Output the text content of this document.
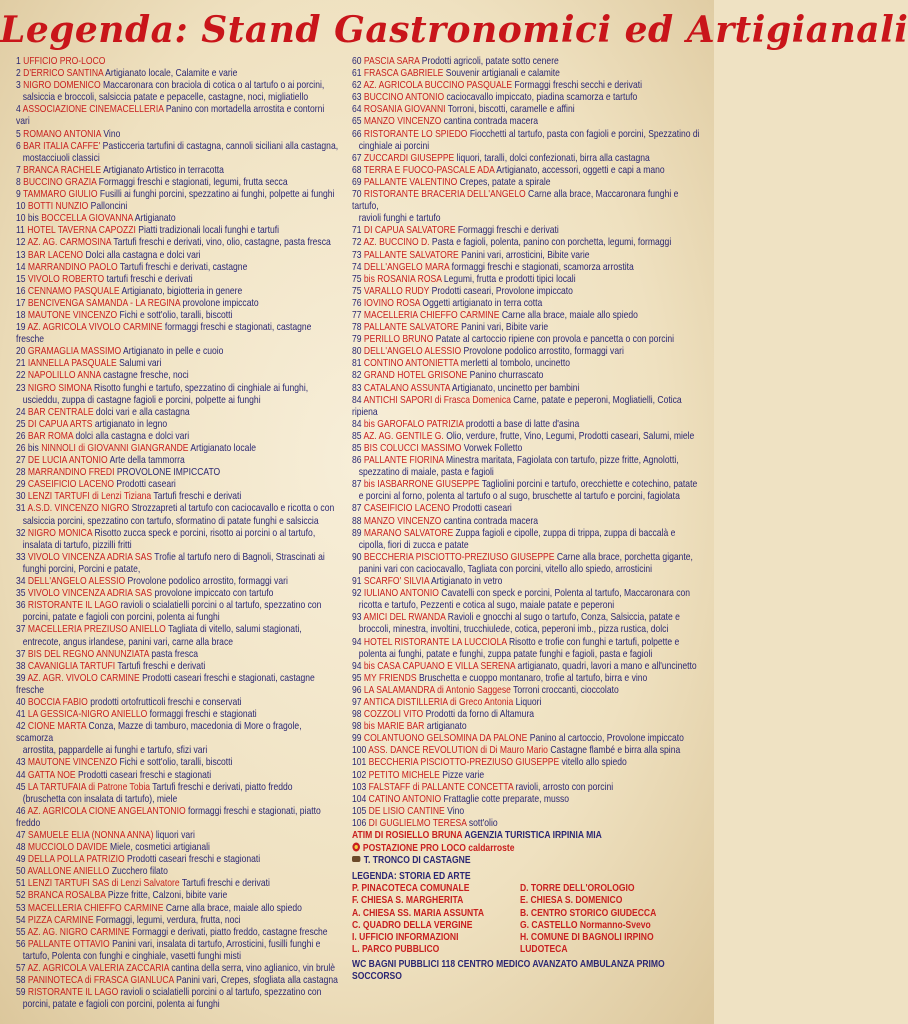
Legenda: Stand Gastronomici ed Artigianali
1 UFFICIO PRO-LOCO
2 D'ERRICO SANTINA Artigianato locale, Calamite e varie
3 NIGRO DOMENICO Maccaronara con braciola di cotica o al tartufo o ai porcini,
salsiccia e broccoli, salsiccia patate e pepacelle, castagne, noci, migliatiello
4 ASSOCIAZIONE CINEMACELLERIA Panino con mortadella arrostita e contorni vari
5 ROMANO ANTONIA Vino
6 BAR ITALIA CAFFE' Pasticceria tartufini di castagna, cannoli siciliani alla castagna,
mostacciuoli classici
7 BRANCA RACHELE Artigianato Artistico in terracotta
8 BUCCINO GRAZIA Formaggi freschi e stagionati, legumi, frutta secca
9 TAMMARO GIULIO Fusilli ai funghi porcini, spezzatino ai funghi, polpette ai funghi
10 BOTTI NUNZIO Palloncini
10 bis BOCCELLA GIOVANNA Artigianato
11 HOTEL TAVERNA CAPOZZI Piatti tradizionali locali funghi e tartufi
12 AZ. AG. CARMOSINA Tartufi freschi e derivati, vino, olio, castagne, pasta fresca
13 BAR LACENO Dolci alla castagna e dolci vari
14 MARRANDINO PAOLO Tartufi freschi e derivati, castagne
15 VIVOLO ROBERTO tartufi freschi e derivati
16 CENNAMO PASQUALE Artigianato, bigiotteria in genere
17 BENCIVENGA SAMANDA - LA REGINA provolone impiccato
18 MAUTONE VINCENZO Fichi e sott'olio, taralli, biscotti
19 AZ. AGRICOLA VIVOLO CARMINE formaggi freschi e stagionati, castagne fresche
20 GRAMAGLIA MASSIMO Artigianato in pelle e cuoio
21 IANNELLA PASQUALE Salumi vari
22 NAPOLILLO ANNA castagne fresche, noci
23 NIGRO SIMONA Risotto funghi e tartufo, spezzatino di cinghiale ai funghi,
uscieddu, zuppa di castagne fagioli e porcini, polpette ai funghi
24 BAR CENTRALE dolci vari e alla castagna
25 DI CAPUA ARTS artigianato in legno
26 BAR ROMA dolci alla castagna e dolci vari
26 bis NINNOLI di GIOVANNI GIANGRANDE Artigianato locale
27 DE LUCIA ANTONIO Arte della tammorra
28 MARRANDINO FREDI PROVOLONE IMPICCATO
29 CASEIFICIO LACENO Prodotti caseari
30 LENZI TARTUFI di Lenzi Tiziana Tartufi freschi e derivati
31 A.S.D. VINCENZO NIGRO Strozzapreti al tartufo con caciocavallo e ricotta o con
salsiccia porcini, spezzatino con tartufo, sformatino di patate funghi e salsiccia
32 NIGRO MONICA Risotto zucca speck e porcini, risotto ai porcini o al tartufo,
insalata di tartufo, pizzilli fritti
33 VIVOLO VINCENZA ADRIA SAS Trofie al tartufo nero di Bagnoli, Strascinati ai
funghi porcini, Porcini e patate,
34 DELL'ANGELO ALESSIO Provolone podolico arrostito, formaggi vari
35 VIVOLO VINCENZA ADRIA SAS provolone impiccato con tartufo
36 RISTORANTE IL LAGO ravioli o scialatielli porcini o al tartufo, spezzatino con
porcini, patate e fagioli con porcini, polenta ai funghi
37 MACELLERIA PREZIUSO ANIELLO Tagliata di vitello, salumi stagionati,
entrecote, angus irlandese, panini vari, carne alla brace
37 BIS DEL REGNO ANNUNZIATA pasta fresca
38 CAVANIGLIA TARTUFI Tartufi freschi e derivati
39 AZ. AGR. VIVOLO CARMINE Prodotti caseari freschi e stagionati, castagne fresche
40 BOCCIA FABIO prodotti ortofrutticoli freschi e conservati
41 LA GESSICA-NIGRO ANIELLO formaggi freschi e stagionati
42 CIONE MARTA Conza, Mazze di tamburo, macedonia di More o fragole, scamorza
arrostita, pappardelle ai funghi e tartufo, sfizi vari
43 MAUTONE VINCENZO Fichi e sott'olio, taralli, biscotti
44 GATTA NOE Prodotti caseari freschi e stagionati
45 LA TARTUFAIA di Patrone Tobia Tartufi freschi e derivati, piatto freddo
(bruschetta con insalata di tartufo), miele
46 AZ. AGRICOLA CIONE ANGELANTONIO formaggi freschi e stagionati, piatto freddo
47 SAMUELE ELIA (NONNA ANNA) liquori vari
48 MUCCIOLO DAVIDE Miele, cosmetici artigianali
49 DELLA POLLA PATRIZIO Prodotti caseari freschi e stagionati
50 AVALLONE ANIELLO Zucchero filato
51 LENZI TARTUFI SAS di Lenzi Salvatore Tartufi freschi e derivati
52 BRANCA ROSALBA Pizze fritte, Calzoni, bibite varie
53 MACELLERIA CHIEFFO CARMINE Carne alla brace, maiale allo spiedo
54 PIZZA CARMINE Formaggi, legumi, verdura, frutta, noci
55 AZ. AG. NIGRO CARMINE Formaggi e derivati, piatto freddo, castagne fresche
56 PALLANTE OTTAVIO Panini vari, insalata di tartufo, Arrosticini, fusilli funghi e
tartufo, Polenta con funghi e cinghiale, vasetti funghi misti
57 AZ. AGRICOLA VALERIA ZACCARIA cantina della serra, vino aglianico, vin brulè
58 PANINOTECA di FRASCA GIANLUCA Panini vari, Crepes, sfogliata alla castagna
59 RISTORANTE IL LAGO ravioli o scialatielli porcini o al tartufo, spezzatino con
porcini, patate e fagioli con porcini, polenta ai funghi
60 PASCIA SARA Prodotti agricoli, patate sotto cenere
61 FRASCA GABRIELE Souvenir artigianali e calamite
62 AZ. AGRICOLA BUCCINO PASQUALE Formaggi freschi secchi e derivati
63 BUCCINO ANTONIO caciocavallo impiccato, piadina scamorza e tartufo
64 ROSANIA GIOVANNI Torroni, biscotti, caramelle e affini
65 MANZO VINCENZO cantina contrada macera
66 RISTORANTE LO SPIEDO Fiocchetti al tartufo, pasta con fagioli e porcini, Spezzatino di
cinghiale ai porcini
67 ZUCCARDI GIUSEPPE liquori, taralli, dolci confezionati, birra alla castagna
68 TERRA E FUOCO-PASCALE ADA Artigianato, accessori, oggetti e capi a mano
69 PALLANTE VALENTINO Crepes, patate a spirale
70 RISTORANTE BRACERIA DELL'ANGELO Carne alla brace, Maccaronara funghi e tartufo,
ravioli funghi e tartufo
71 DI CAPUA SALVATORE Formaggi freschi e derivati
72 AZ. BUCCINO D. Pasta e fagioli, polenta, panino con porchetta, legumi, formaggi
73 PALLANTE SALVATORE Panini vari, arrosticini, Bibite varie
74 DELL'ANGELO MARA formaggi freschi e stagionati, scamorza arrostita
75 bis ROSANIA ROSA Legumi, frutta e prodotti tipici locali
75 VARALLO RUDY Prodotti caseari, Provolone impiccato
76 IOVINO ROSA Oggetti artigianato in terra cotta
77 MACELLERIA CHIEFFO CARMINE Carne alla brace, maiale allo spiedo
78 PALLANTE SALVATORE Panini vari, Bibite varie
79 PERILLO BRUNO Patate al cartoccio ripiene con provola e pancetta o con porcini
80 DELL'ANGELO ALESSIO Provolone podolico arrostito, formaggi vari
81 CONTINO ANTONIETTA merletti al tombolo, uncinetto
82 GRAND HOTEL GRISONE Panino churrascato
83 CATALANO ASSUNTA Artigianato, uncinetto per bambini
84 ANTICHI SAPORI di Frasca Domenica Carne, patate e peperoni, Mogliatielli, Cotica ripiena
84 bis GAROFALO PATRIZIA prodotti a base di latte d'asina
85 AZ. AG. GENTILE G. Olio, verdure, frutte, Vino, Legumi, Prodotti caseari, Salumi, miele
85 BIS COLUCCI MASSIMO Vorwek Folletto
86 PALLANTE FIORINA Minestra maritata, Fagiolata con tartufo, pizze fritte, Agnolotti,
spezzatino di maiale, pasta e fagioli
87 bis IASBARRONE GIUSEPPE Tagliolini porcini e tartufo, orecchiette e cotechino, patate
e porcini al forno, polenta al tartufo o al sugo, bruschette al tartufo e porcini, fagiolata
87 CASEIFICIO LACENO Prodotti caseari
88 MANZO VINCENZO cantina contrada macera
89 MARANO SALVATORE Zuppa fagioli e cipolle, zuppa di trippa, zuppa di baccalà e
cipolla, fiori di zucca e patate
90 BECCHERIA PISCIOTTO-PREZIUSO GIUSEPPE Carne alla brace, porchetta gigante,
panini vari con caciocavallo, Tagliata con porcini, vitello allo spiedo, arrosticini
91 SCARFO' SILVIA Artigianato in vetro
92 IULIANO ANTONIO Cavatelli con speck e porcini, Polenta al tartufo, Maccaronara con
ricotta e tartufo, Pezzenti e cotica al sugo, maiale patate e peperoni
93 AMICI DEL RWANDA Ravioli e gnocchi al sugo o tartufo, Conza, Salsiccia, patate e
broccoli, minestra, involtini, trucchiulede, cotica, peperoni imb., pizza rustica, dolci
94 HOTEL RISTORANTE LA LUCCIOLA Risotto e trofie con funghi e tartufi, polpette e
polenta ai funghi, patate e funghi, zuppa patate funghi e fagioli, pasta e fagioli
94 bis CASA CAPUANO E VILLA SERENA artigianato, quadri, lavori a mano e all'uncinetto
95 MY FRIENDS Bruschetta e cuoppo montanaro, trofie al tartufo, birra e vino
96 LA SALAMANDRA di Antonio Saggese Torroni croccanti, cioccolato
97 ANTICA DISTILLERIA di Greco Antonia Liquori
98 COZZOLI VITO Prodotti da forno di Altamura
98 bis MARIE BAR artigianato
99 COLANTUONO GELSOMINA DA PALONE Panino al cartoccio, Provolone impiccato
100 ASS. DANCE REVOLUTION di Di Mauro Mario Castagne flambé e birra alla spina
101 BECCHERIA PISCIOTTO-PREZIUSO GIUSEPPE vitello allo spiedo
102 PETITO MICHELE Pizze varie
103 FALSTAFF di PALLANTE CONCETTA ravioli, arrosto con porcini
104 CATINO ANTONIO Frattaglie cotte preparate, musso
105 DE LISIO CANTINE Vino
106 DI GUGLIELMO TERESA sott'olio
ATIM DI ROSIELLO BRUNA AGENZIA TURISTICA IRPINIA MIA
POSTAZIONE PRO LOCO caldarroste
T. TRONCO DI CASTAGNE
LEGENDA: STORIA ED ARTE
P. PINACOTECA COMUNALE	D. TORRE DELL'OROLOGIO
F. CHIESA S. MARGHERITA	E. CHIESA S. DOMENICO
A. CHIESA SS. MARIA ASSUNTA	B. CENTRO STORICO GIUDECCA
C. QUADRO DELLA VERGINE	G. CASTELLO Normanno-Svevo
I. UFFICIO INFORMAZIONI	H. COMUNE DI BAGNOLI IRPINO
L. PARCO PUBBLICO	LUDOTECA
WC BAGNI PUBBLICI 118 CENTRO MEDICO AVANZATO AMBULANZA PRIMO SOCCORSO
